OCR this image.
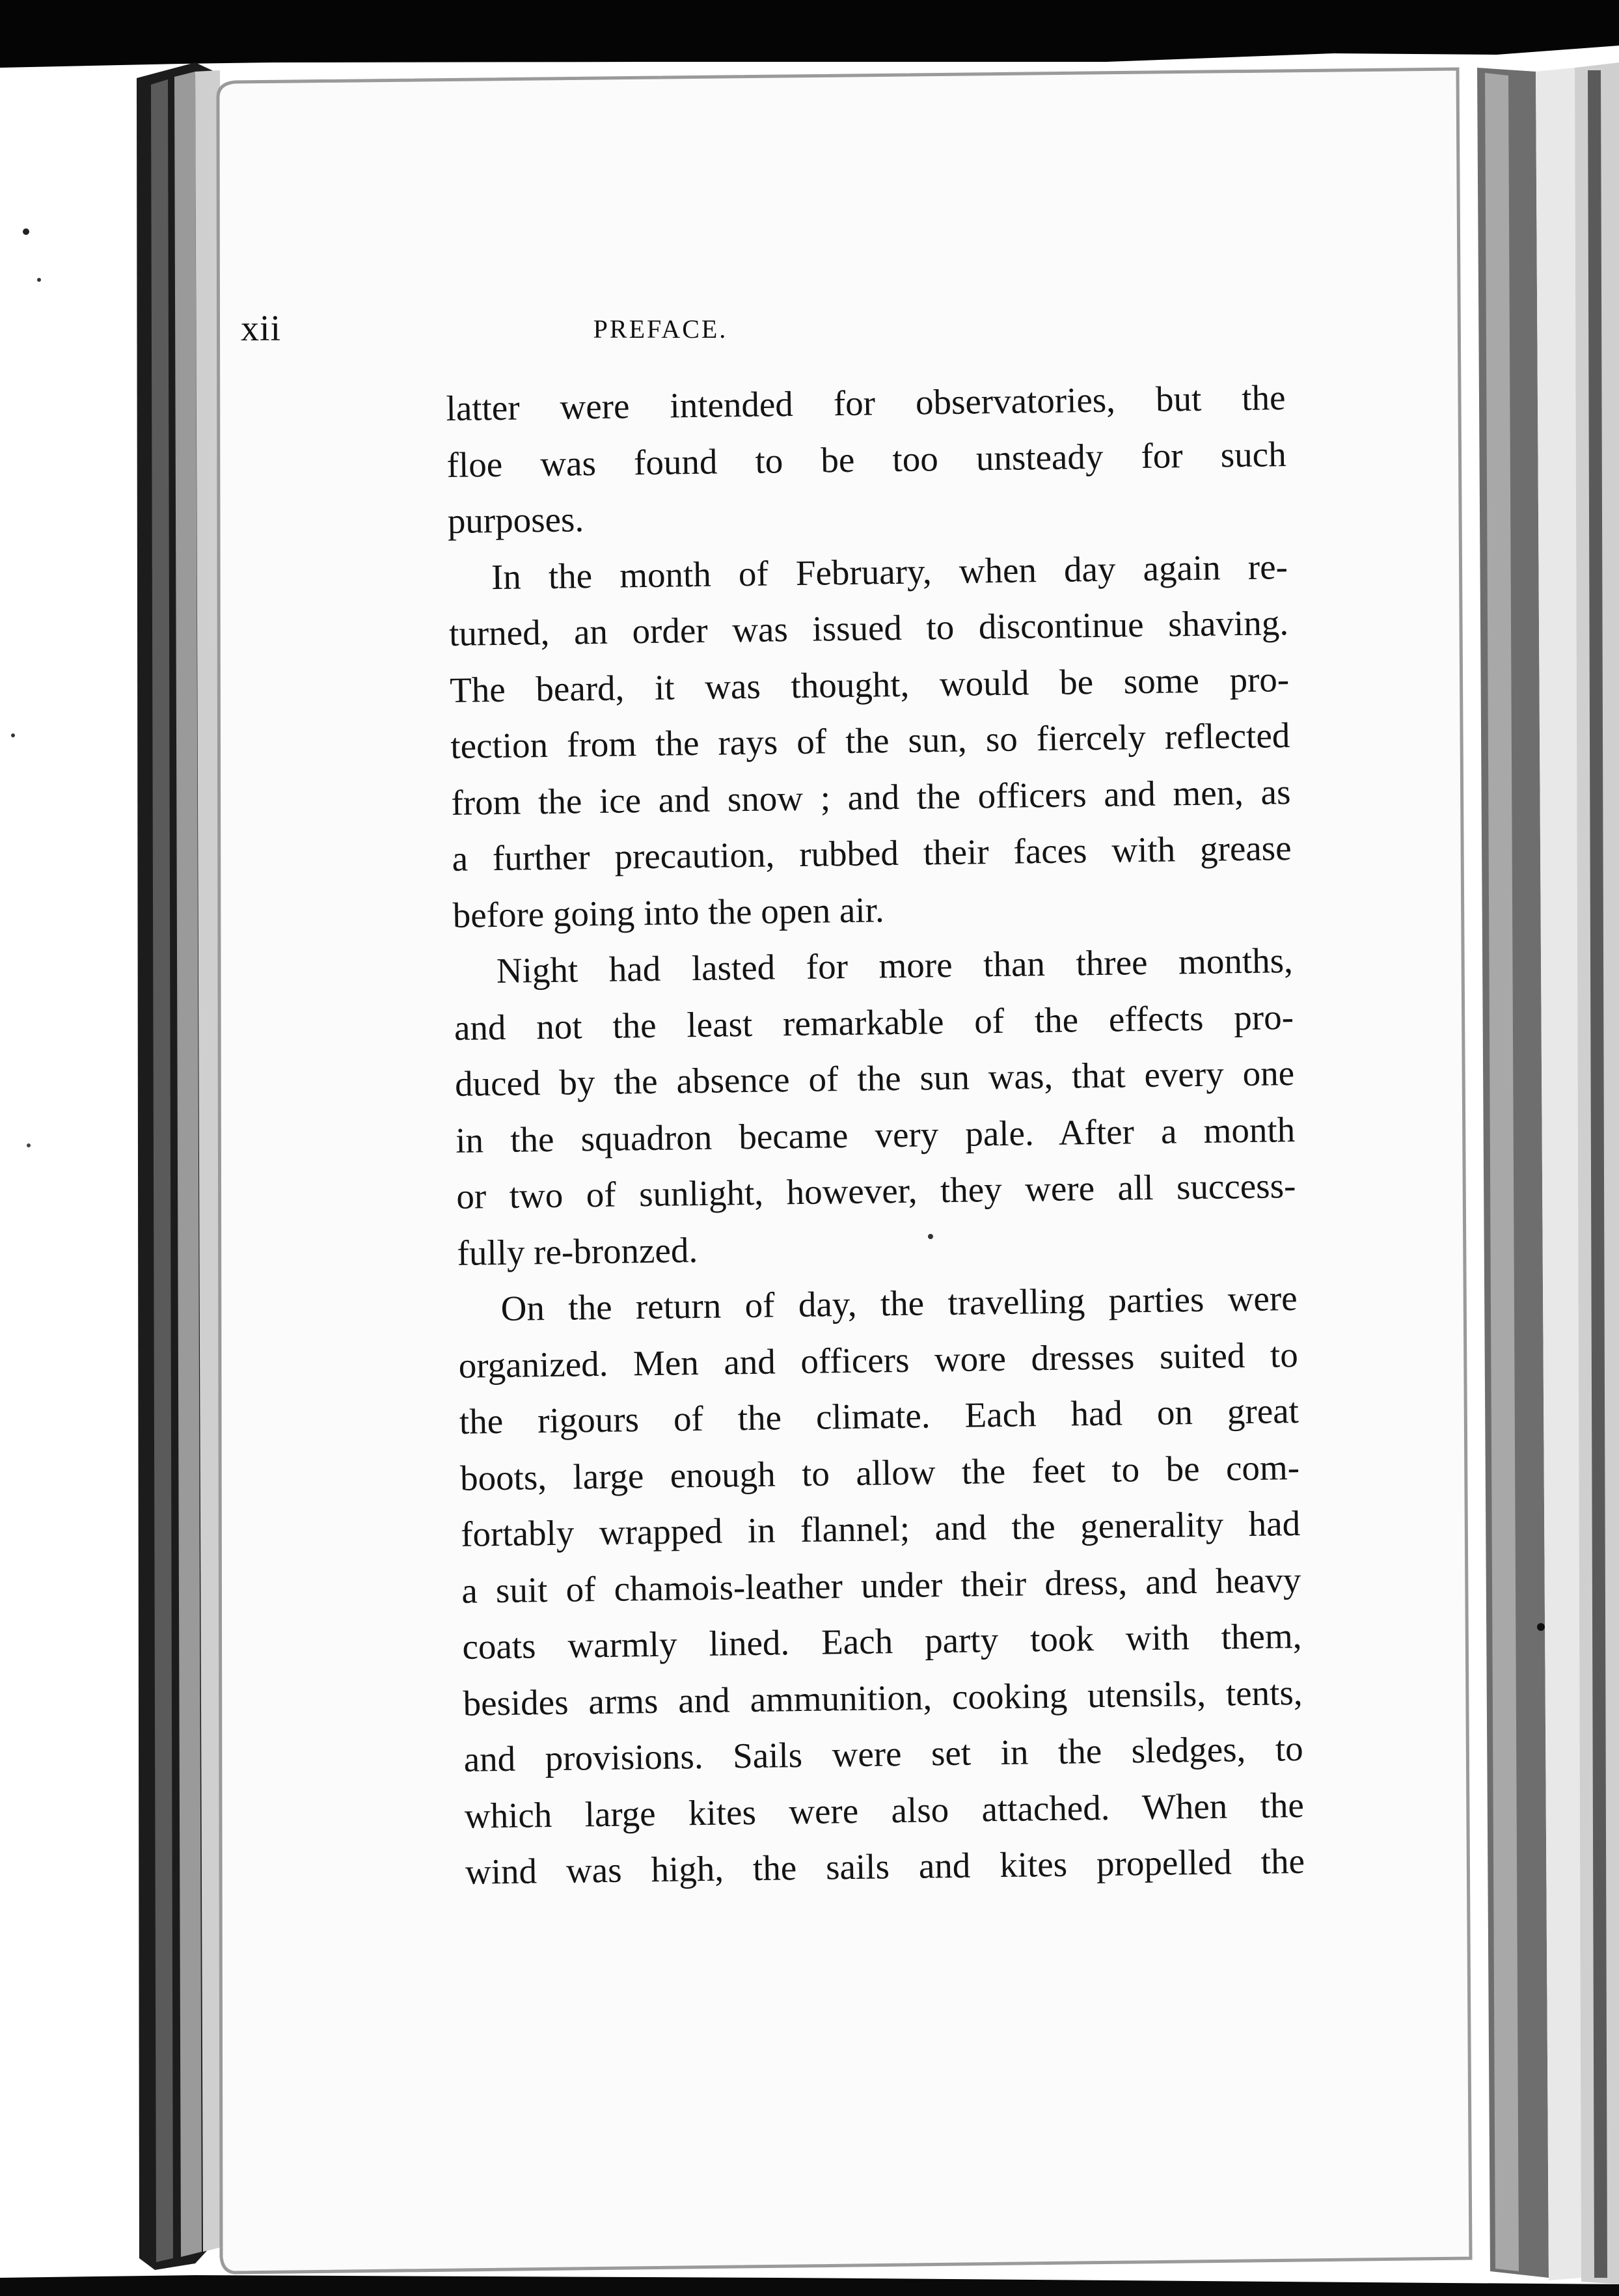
xii	PREFACE.
latter were intended for observatories, but the
floe was found to be too unsteady for such
purposes.
In the month of February, when day again re-
turned, an order was issued to discontinue shaving.
The beard, it was thought, would be some pro-
tection from the rays of the sun, so fiercely reflected
from the ice and snow ; and the officers and men, as
a further precaution, rubbed their faces with grease
before going into the open air.
Night had lasted for more than three months,
and not the least remarkable of the effects pro-
duced by the absence of the sun was, that every one
in the squadron became very pale. After a month
or two of sunlight, however, they were all success-
fully re-bronzed.
On the return of day, the travelling parties were
organized. Men and officers wore dresses suited to
the rigours of the climate. Each had on great
boots, large enough to allow the feet to be com-
fortably wrapped in flannel; and the generality had
a suit of chamois-leather under their dress, and heavy
coats warmly lined. Each party took with them,
besides arms and ammunition, cooking utensils, tents,
and provisions. Sails were set in the sledges, to
which large kites were also attached. When the
wind was high, the sails and kites propelled the
